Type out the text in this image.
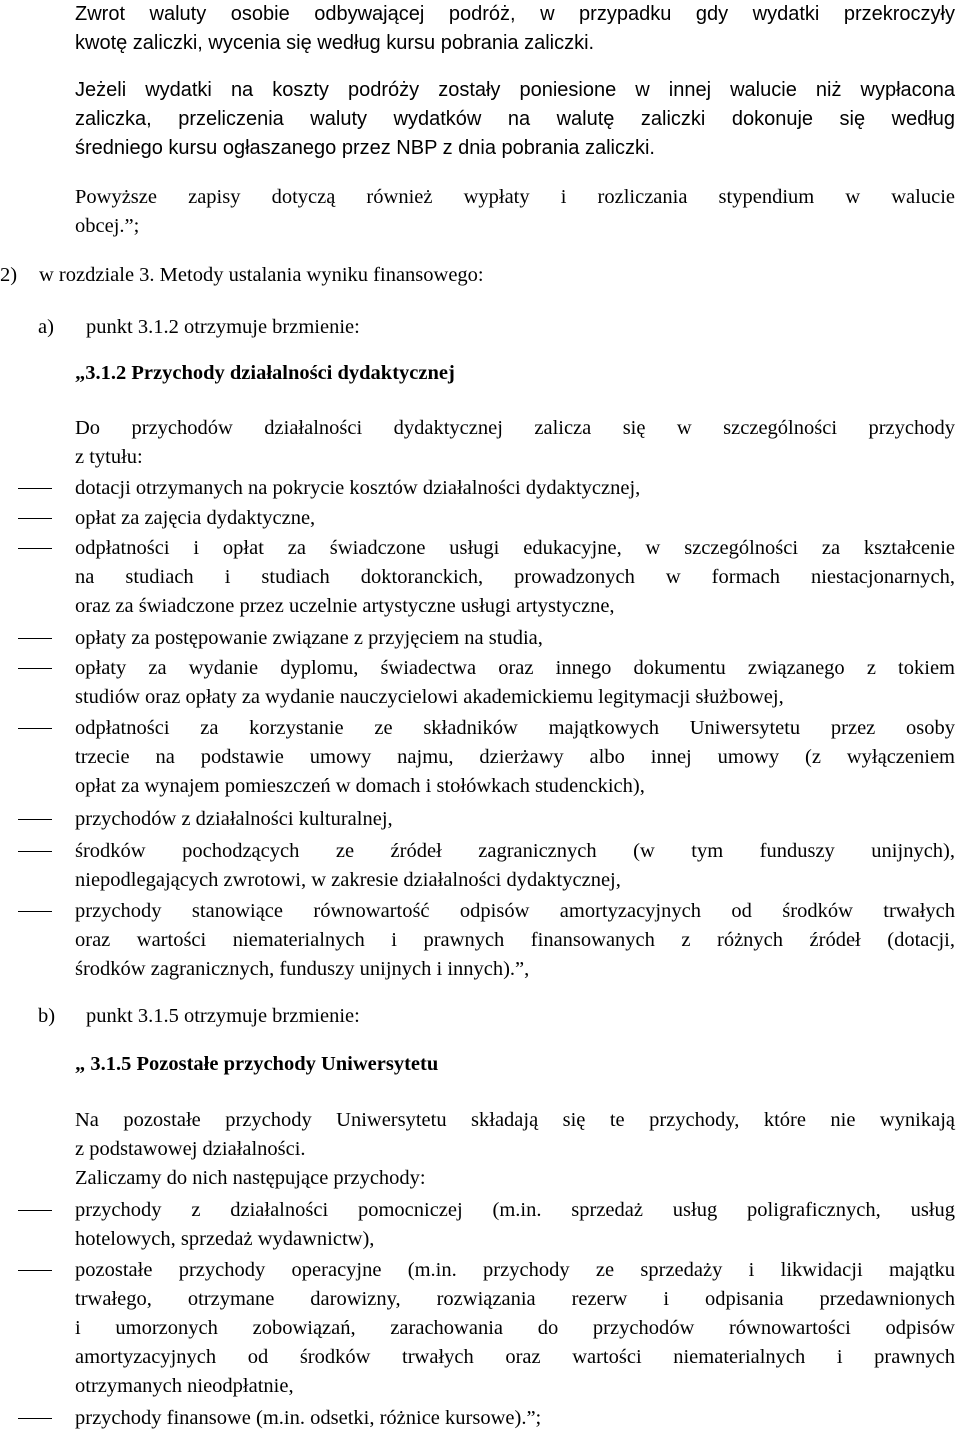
Zwrot waluty osobie odbywającej podróż, w przypadku gdy wydatki przekroczyły
kwotę zaliczki, wycenia się według kursu pobrania zaliczki.
Jeżeli wydatki na koszty podróży zostały poniesione w innej walucie niż wypłacona
zaliczka, przeliczenia waluty wydatków na walutę zaliczki dokonuje się według
średniego kursu ogłaszanego przez NBP z dnia pobrania zaliczki.
Powyższe zapisy dotyczą również wypłaty i rozliczania stypendium w walucie
obcej.”;
2) w rozdziale 3. Metody ustalania wyniku finansowego:
a) punkt 3.1.2 otrzymuje brzmienie:
„3.1.2 Przychody działalności dydaktycznej
Do przychodów działalności dydaktycznej zalicza się w szczególności przychody
z tytułu:
dotacji otrzymanych na pokrycie kosztów działalności dydaktycznej,
opłat za zajęcia dydaktyczne,
odpłatności i opłat za świadczone usługi edukacyjne, w szczególności za kształcenie
na studiach i studiach doktoranckich, prowadzonych w formach niestacjonarnych,
oraz za świadczone przez uczelnie artystyczne usługi artystyczne,
opłaty za postępowanie związane z przyjęciem na studia,
opłaty za wydanie dyplomu, świadectwa oraz innego dokumentu związanego z tokiem
studiów oraz opłaty za wydanie nauczycielowi akademickiemu legitymacji służbowej,
odpłatności za korzystanie ze składników majątkowych Uniwersytetu przez osoby
trzecie na podstawie umowy najmu, dzierżawy albo innej umowy (z wyłączeniem
opłat za wynajem pomieszczeń w domach i stołówkach studenckich),
przychodów z działalności kulturalnej,
środków pochodzących ze źródeł zagranicznych (w tym funduszy unijnych),
niepodlegających zwrotowi, w zakresie działalności dydaktycznej,
przychody stanowiące równowartość odpisów amortyzacyjnych od środków trwałych
oraz wartości niematerialnych i prawnych finansowanych z różnych źródeł (dotacji,
środków zagranicznych, funduszy unijnych i innych).”,
b) punkt 3.1.5 otrzymuje brzmienie:
„ 3.1.5 Pozostałe przychody Uniwersytetu
Na pozostałe przychody Uniwersytetu składają się te przychody, które nie wynikają
z podstawowej działalności.
Zaliczamy do nich następujące przychody:
przychody z działalności pomocniczej (m.in. sprzedaż usług poligraficznych, usług
hotelowych, sprzedaż wydawnictw),
pozostałe przychody operacyjne (m.in. przychody ze sprzedaży i likwidacji majątku
trwałego, otrzymane darowizny, rozwiązania rezerw i odpisania przedawnionych
i umorzonych zobowiązań, zarachowania do przychodów równowartości odpisów
amortyzacyjnych od środków trwałych oraz wartości niematerialnych i prawnych
otrzymanych nieodpłatnie,
przychody finansowe (m.in. odsetki, różnice kursowe).”;
